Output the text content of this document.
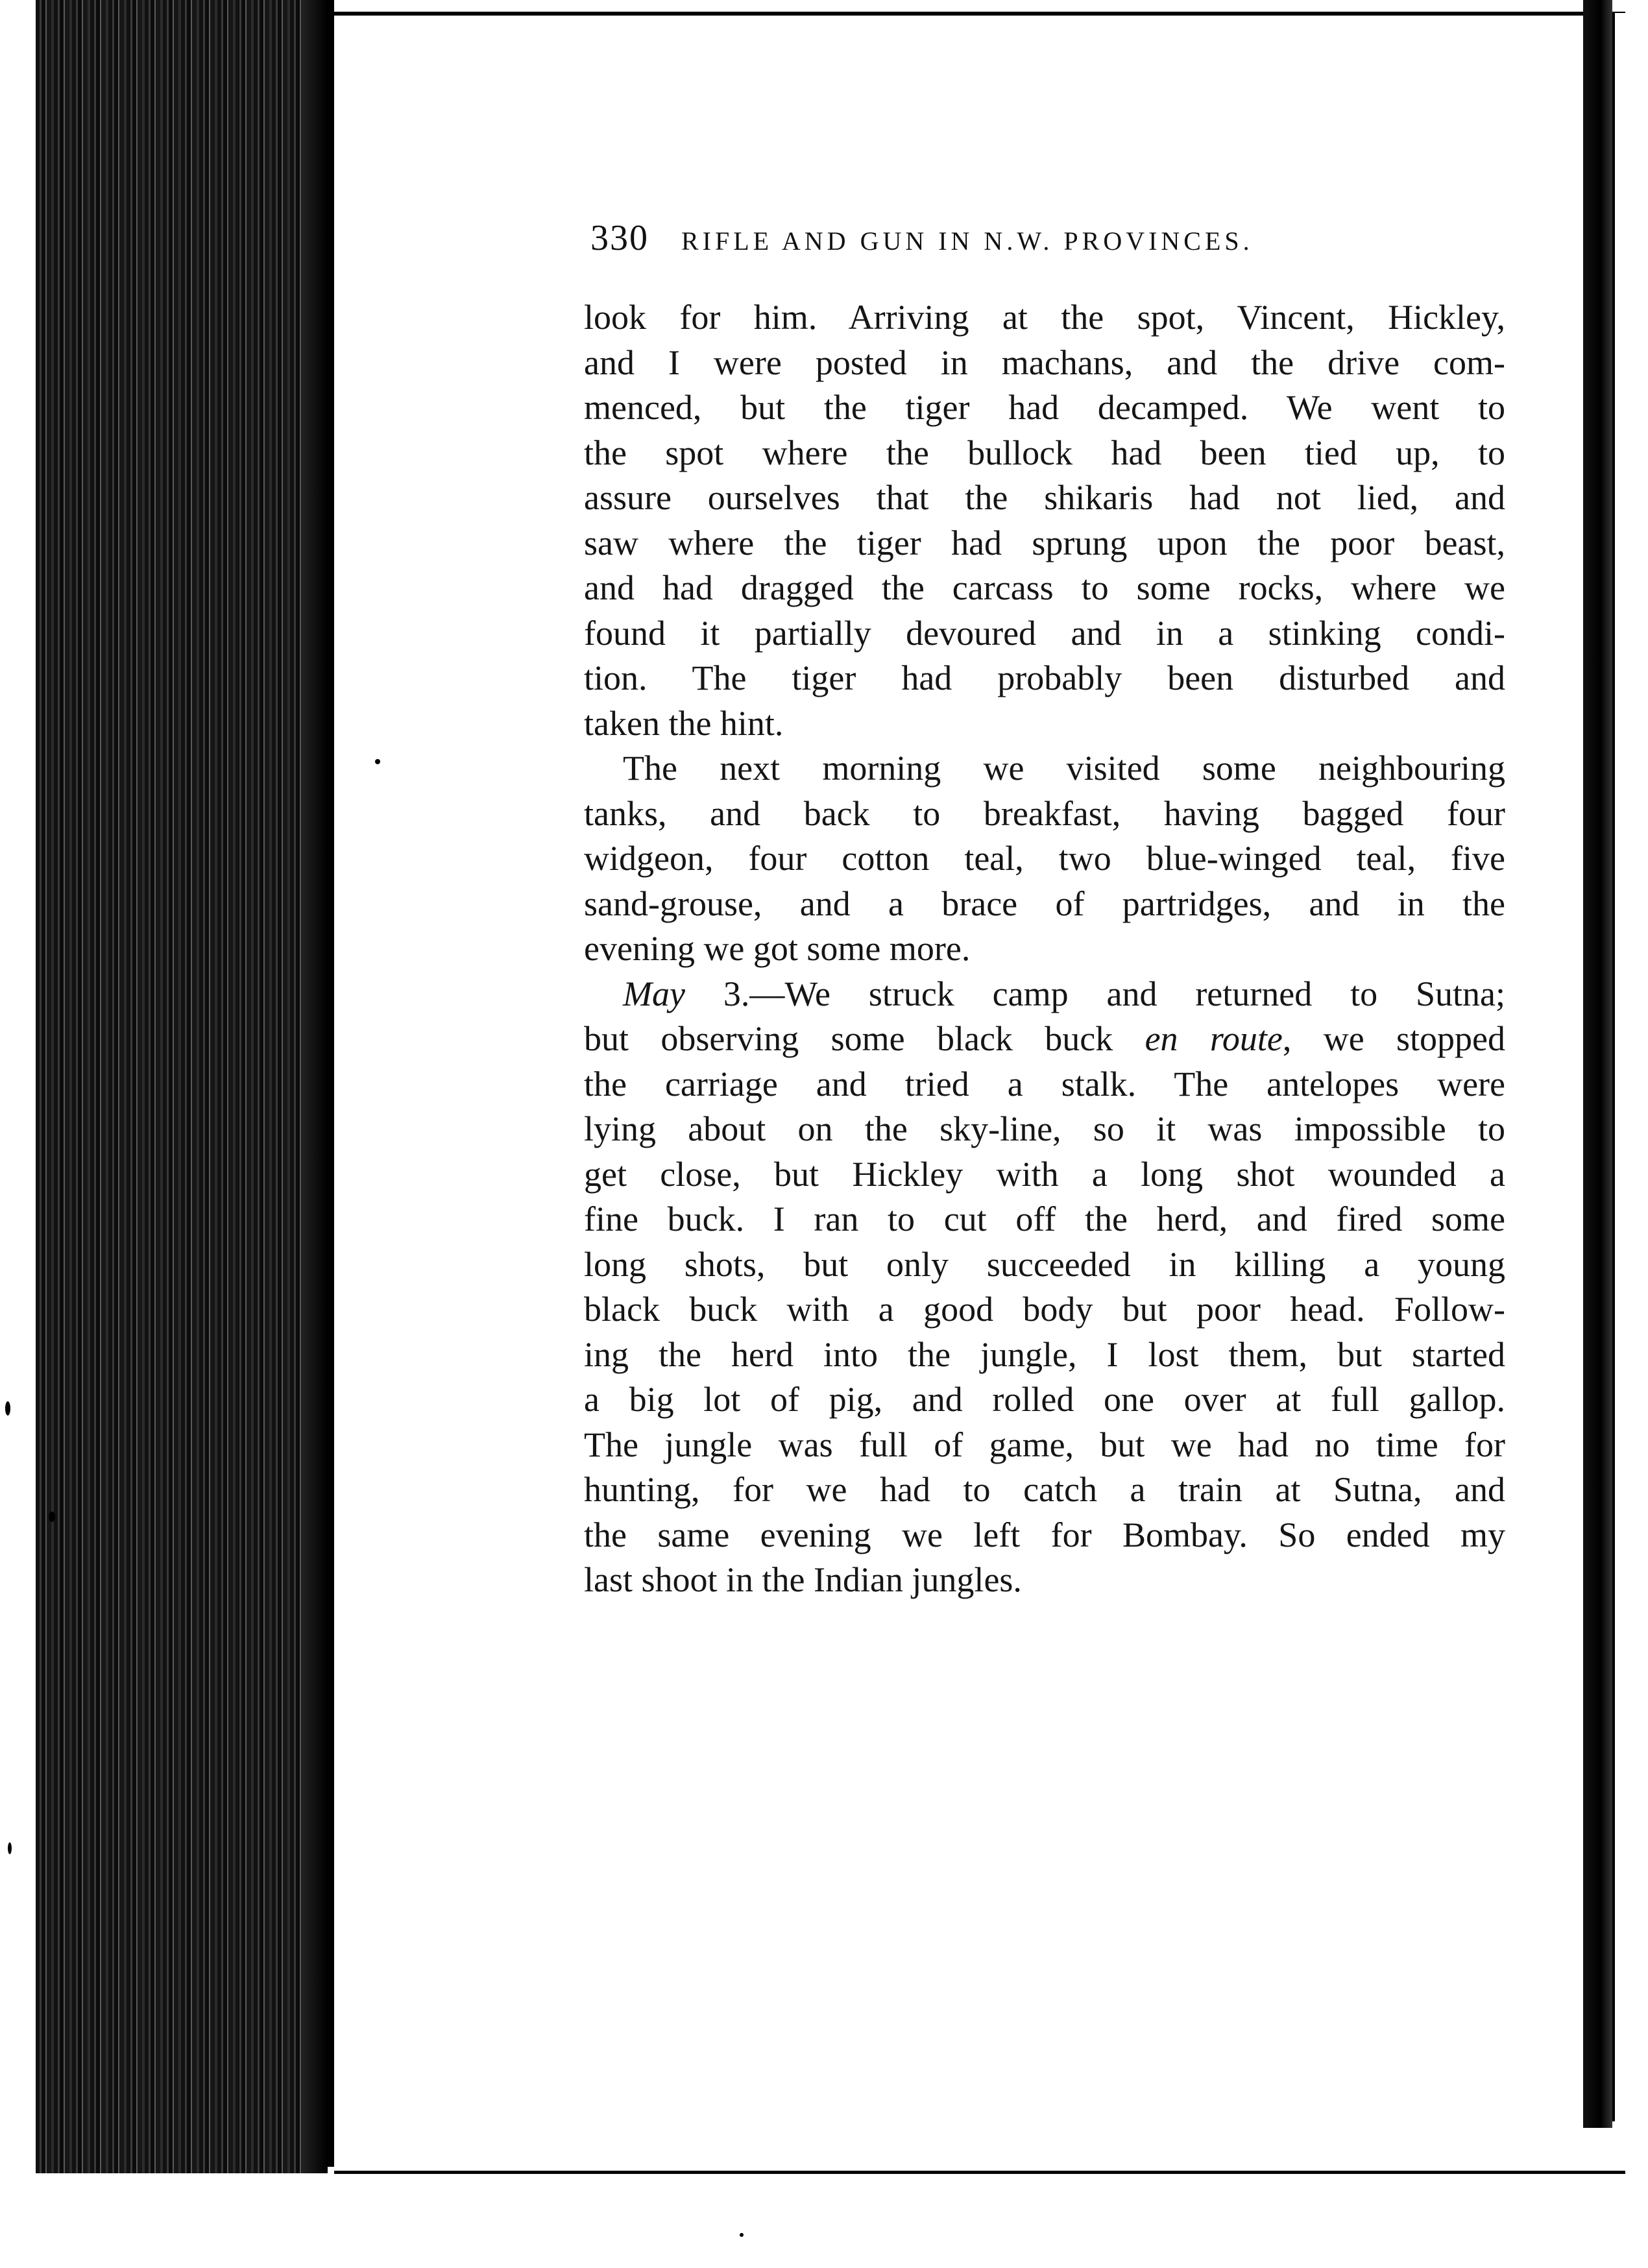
330	RIFLE AND GUN IN N.W. PROVINCES.
look for him. Arriving at the spot, Vincent, Hickley,
and I were posted in machans, and the drive com-
menced, but the tiger had decamped. We went to
the spot where the bullock had been tied up, to
assure ourselves that the shikaris had not lied, and
saw where the tiger had sprung upon the poor beast,
and had dragged the carcass to some rocks, where we
found it partially devoured and in a stinking condi-
tion. The tiger had probably been disturbed and
taken the hint.
The next morning we visited some neighbouring
tanks, and back to breakfast, having bagged four
widgeon, four cotton teal, two blue-winged teal, five
sand-grouse, and a brace of partridges, and in the
evening we got some more.
May 3.—We struck camp and returned to Sutna;
but observing some black buck en route, we stopped
the carriage and tried a stalk. The antelopes were
lying about on the sky-line, so it was impossible to
get close, but Hickley with a long shot wounded a
fine buck. I ran to cut off the herd, and fired some
long shots, but only succeeded in killing a young
black buck with a good body but poor head. Follow-
ing the herd into the jungle, I lost them, but started
a big lot of pig, and rolled one over at full gallop.
The jungle was full of game, but we had no time for
hunting, for we had to catch a train at Sutna, and
the same evening we left for Bombay. So ended my
last shoot in the Indian jungles.
